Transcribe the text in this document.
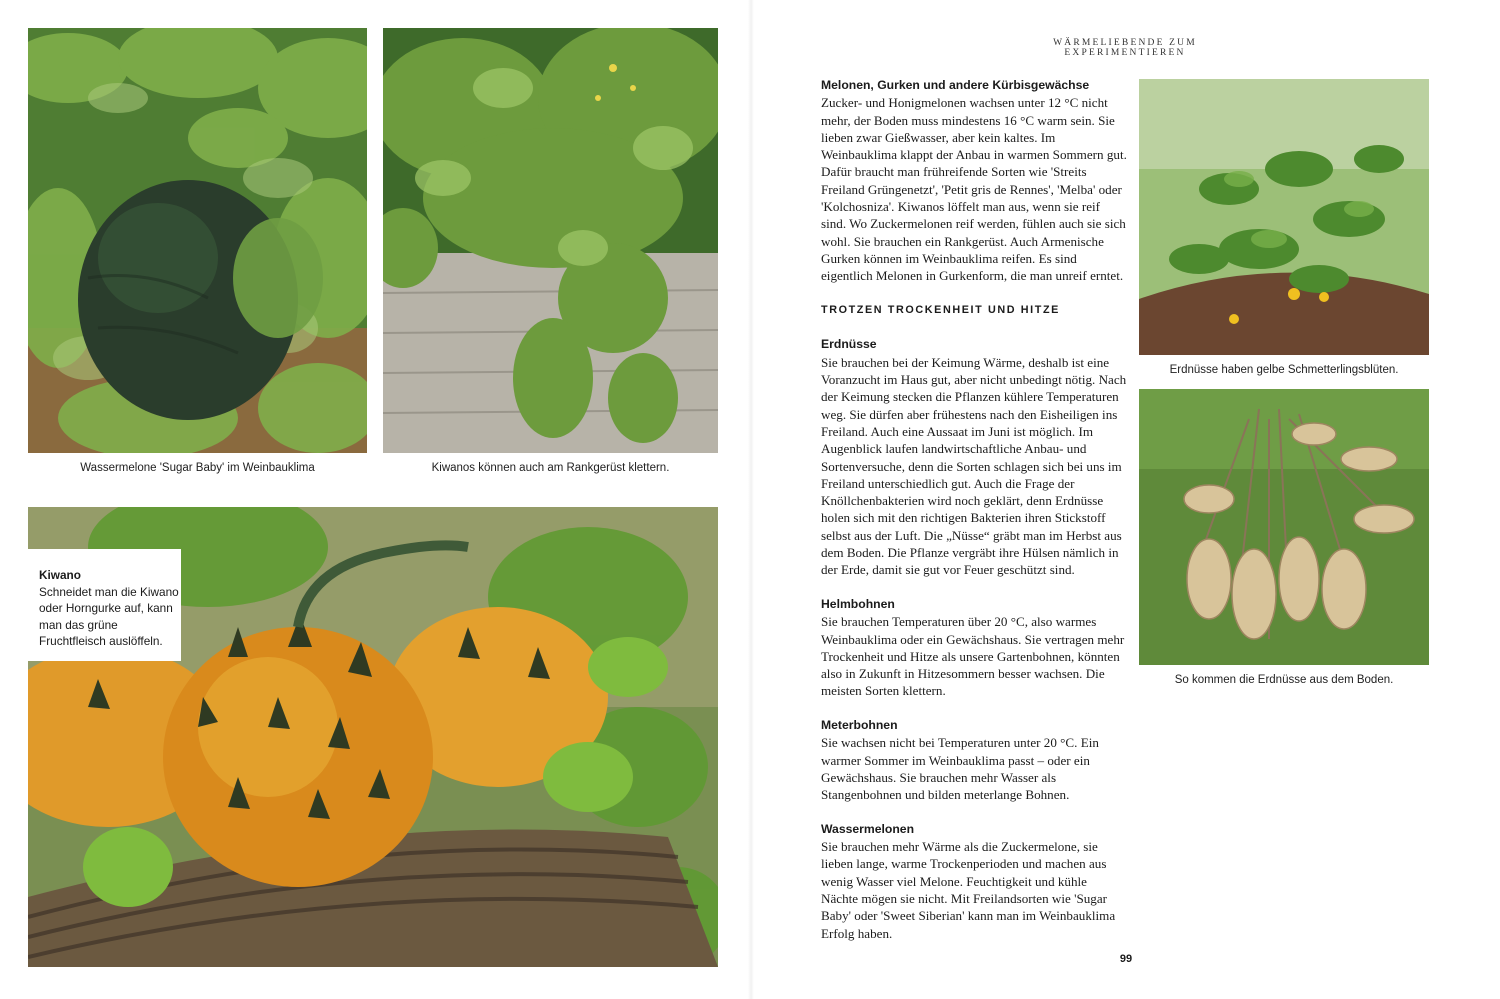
Wassermelone 'Sugar Baby' im Weinbauklima	Kiwanos können auch am Rankgerüst klettern.
Kiwano
Schneidet man die Kiwano oder Horngurke auf, kann man das grüne Fruchtfleisch auslöffeln.
WÄRMELIEBENDE ZUM EXPERIMENTIEREN
Melonen, Gurken und andere Kürbisgewächse

Zucker- und Honigmelonen wachsen unter 12 °C nicht mehr, der Boden muss mindestens 16 °C warm sein. Sie lieben zwar Gießwasser, aber kein kaltes. Im Weinbauklima klappt der Anbau in warmen Sommern gut. Dafür braucht man frühreifende Sorten wie 'Streits Freiland Grüngenetzt', 'Petit gris de Rennes', 'Melba' oder 'Kolchosniza'. Kiwanos löffelt man aus, wenn sie reif sind. Wo Zuckermelonen reif werden, fühlen auch sie sich wohl. Sie brauchen ein Rankgerüst. Auch Armenische Gurken können im Weinbauklima reifen. Es sind eigentlich Melonen in Gurkenform, die man unreif erntet.

TROTZEN TROCKENHEIT UND HITZE
Erdnüsse

Sie brauchen bei der Keimung Wärme, deshalb ist eine Voranzucht im Haus gut, aber nicht unbedingt nötig. Nach der Keimung stecken die Pflanzen kühlere Temperaturen weg. Sie dürfen aber frühestens nach den Eisheiligen ins Freiland. Auch eine Aussaat im Juni ist möglich. Im Augenblick laufen landwirtschaftliche Anbau- und Sortenversuche, denn die Sorten schlagen sich bei uns im Freiland unterschiedlich gut. Auch die Frage der Knöllchenbakterien wird noch geklärt, denn Erdnüsse holen sich mit den richtigen Bakterien ihren Stickstoff selbst aus der Luft. Die „Nüsse“ gräbt man im Herbst aus dem Boden. Die Pflanze vergräbt ihre Hülsen nämlich in der Erde, damit sie gut vor Feuer geschützt sind.

Helmbohnen

Sie brauchen Temperaturen über 20 °C, also warmes Weinbauklima oder ein Gewächshaus. Sie vertragen mehr Trockenheit und Hitze als unsere Gartenbohnen, könnten also in Zukunft in Hitzesommern besser wachsen. Die meisten Sorten klettern.

Meterbohnen

Sie wachsen nicht bei Temperaturen unter 20 °C. Ein warmer Sommer im Weinbauklima passt – oder ein Gewächshaus. Sie brauchen mehr Wasser als Stangenbohnen und bilden meterlange Bohnen.

Wassermelonen

Sie brauchen mehr Wärme als die Zuckermelone, sie lieben lange, warme Trockenperioden und machen aus wenig Wasser viel Melone. Feuchtigkeit und kühle Nächte mögen sie nicht. Mit Freilandsorten wie 'Sugar Baby' oder 'Sweet Siberian' kann man im Weinbauklima Erfolg haben.

Erdnüsse haben gelbe Schmetterlingsblüten.
So kommen die Erdnüsse aus dem Boden.
99
